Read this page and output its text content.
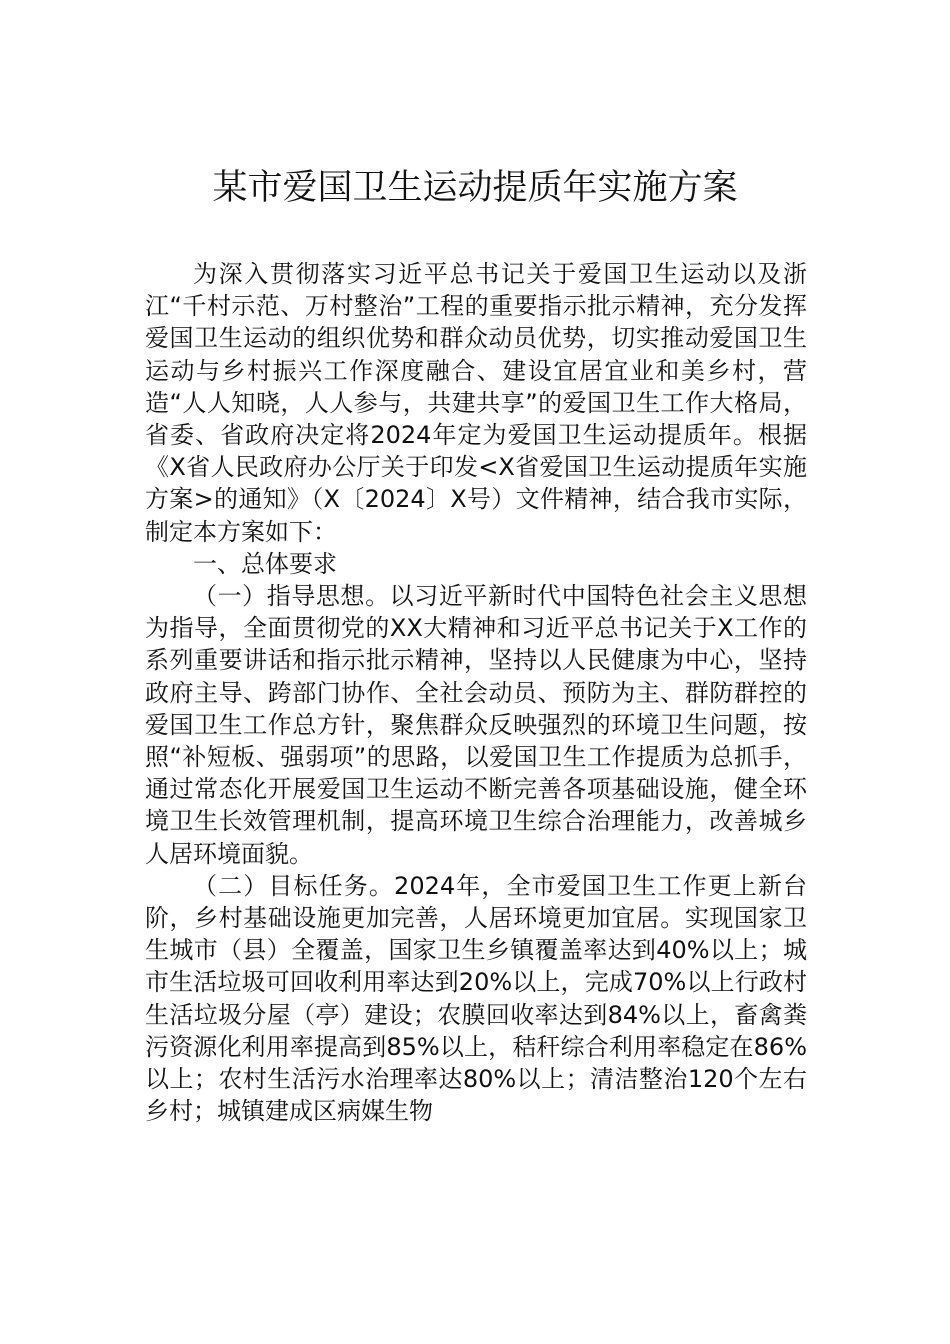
某市爱国卫生运动提质年实施方案

为深入贯彻落实习近平总书记关于爱国卫生运动以及浙江“千村示范、万村整治”工程的重要指示批示精神，充分发挥爱国卫生运动的组织优势和群众动员优势，切实推动爱国卫生运动与乡村振兴工作深度融合、建设宜居宜业和美乡村，营造“人人知晓，人人参与，共建共享”的爱国卫生工作大格局，省委、省政府决定将2024年定为爱国卫生运动提质年。根据《X省人民政府办公厅关于印发<X省爱国卫生运动提质年实施方案>的通知》（X〔2024〕X号）文件精神，结合我市实际，制定本方案如下：

一、总体要求

（一）指导思想。以习近平新时代中国特色社会主义思想为指导，全面贯彻党的XX大精神和习近平总书记关于X工作的系列重要讲话和指示批示精神，坚持以人民健康为中心，坚持政府主导、跨部门协作、全社会动员、预防为主、群防群控的爱国卫生工作总方针，聚焦群众反映强烈的环境卫生问题，按照“补短板、强弱项”的思路，以爱国卫生工作提质为总抓手，通过常态化开展爱国卫生运动不断完善各项基础设施，健全环境卫生长效管理机制，提高环境卫生综合治理能力，改善城乡人居环境面貌。

（二）目标任务。2024年，全市爱国卫生工作更上新台阶，乡村基础设施更加完善，人居环境更加宜居。实现国家卫生城市（县）全覆盖，国家卫生乡镇覆盖率达到40%以上；城市生活垃圾可回收利用率达到20%以上，完成70%以上行政村生活垃圾分屋（亭）建设；农膜回收率达到84%以上，畜禽粪污资源化利用率提高到85%以上，秸秆综合利用率稳定在86%以上；农村生活污水治理率达80%以上；清洁整治120个左右乡村；城镇建成区病媒生物
